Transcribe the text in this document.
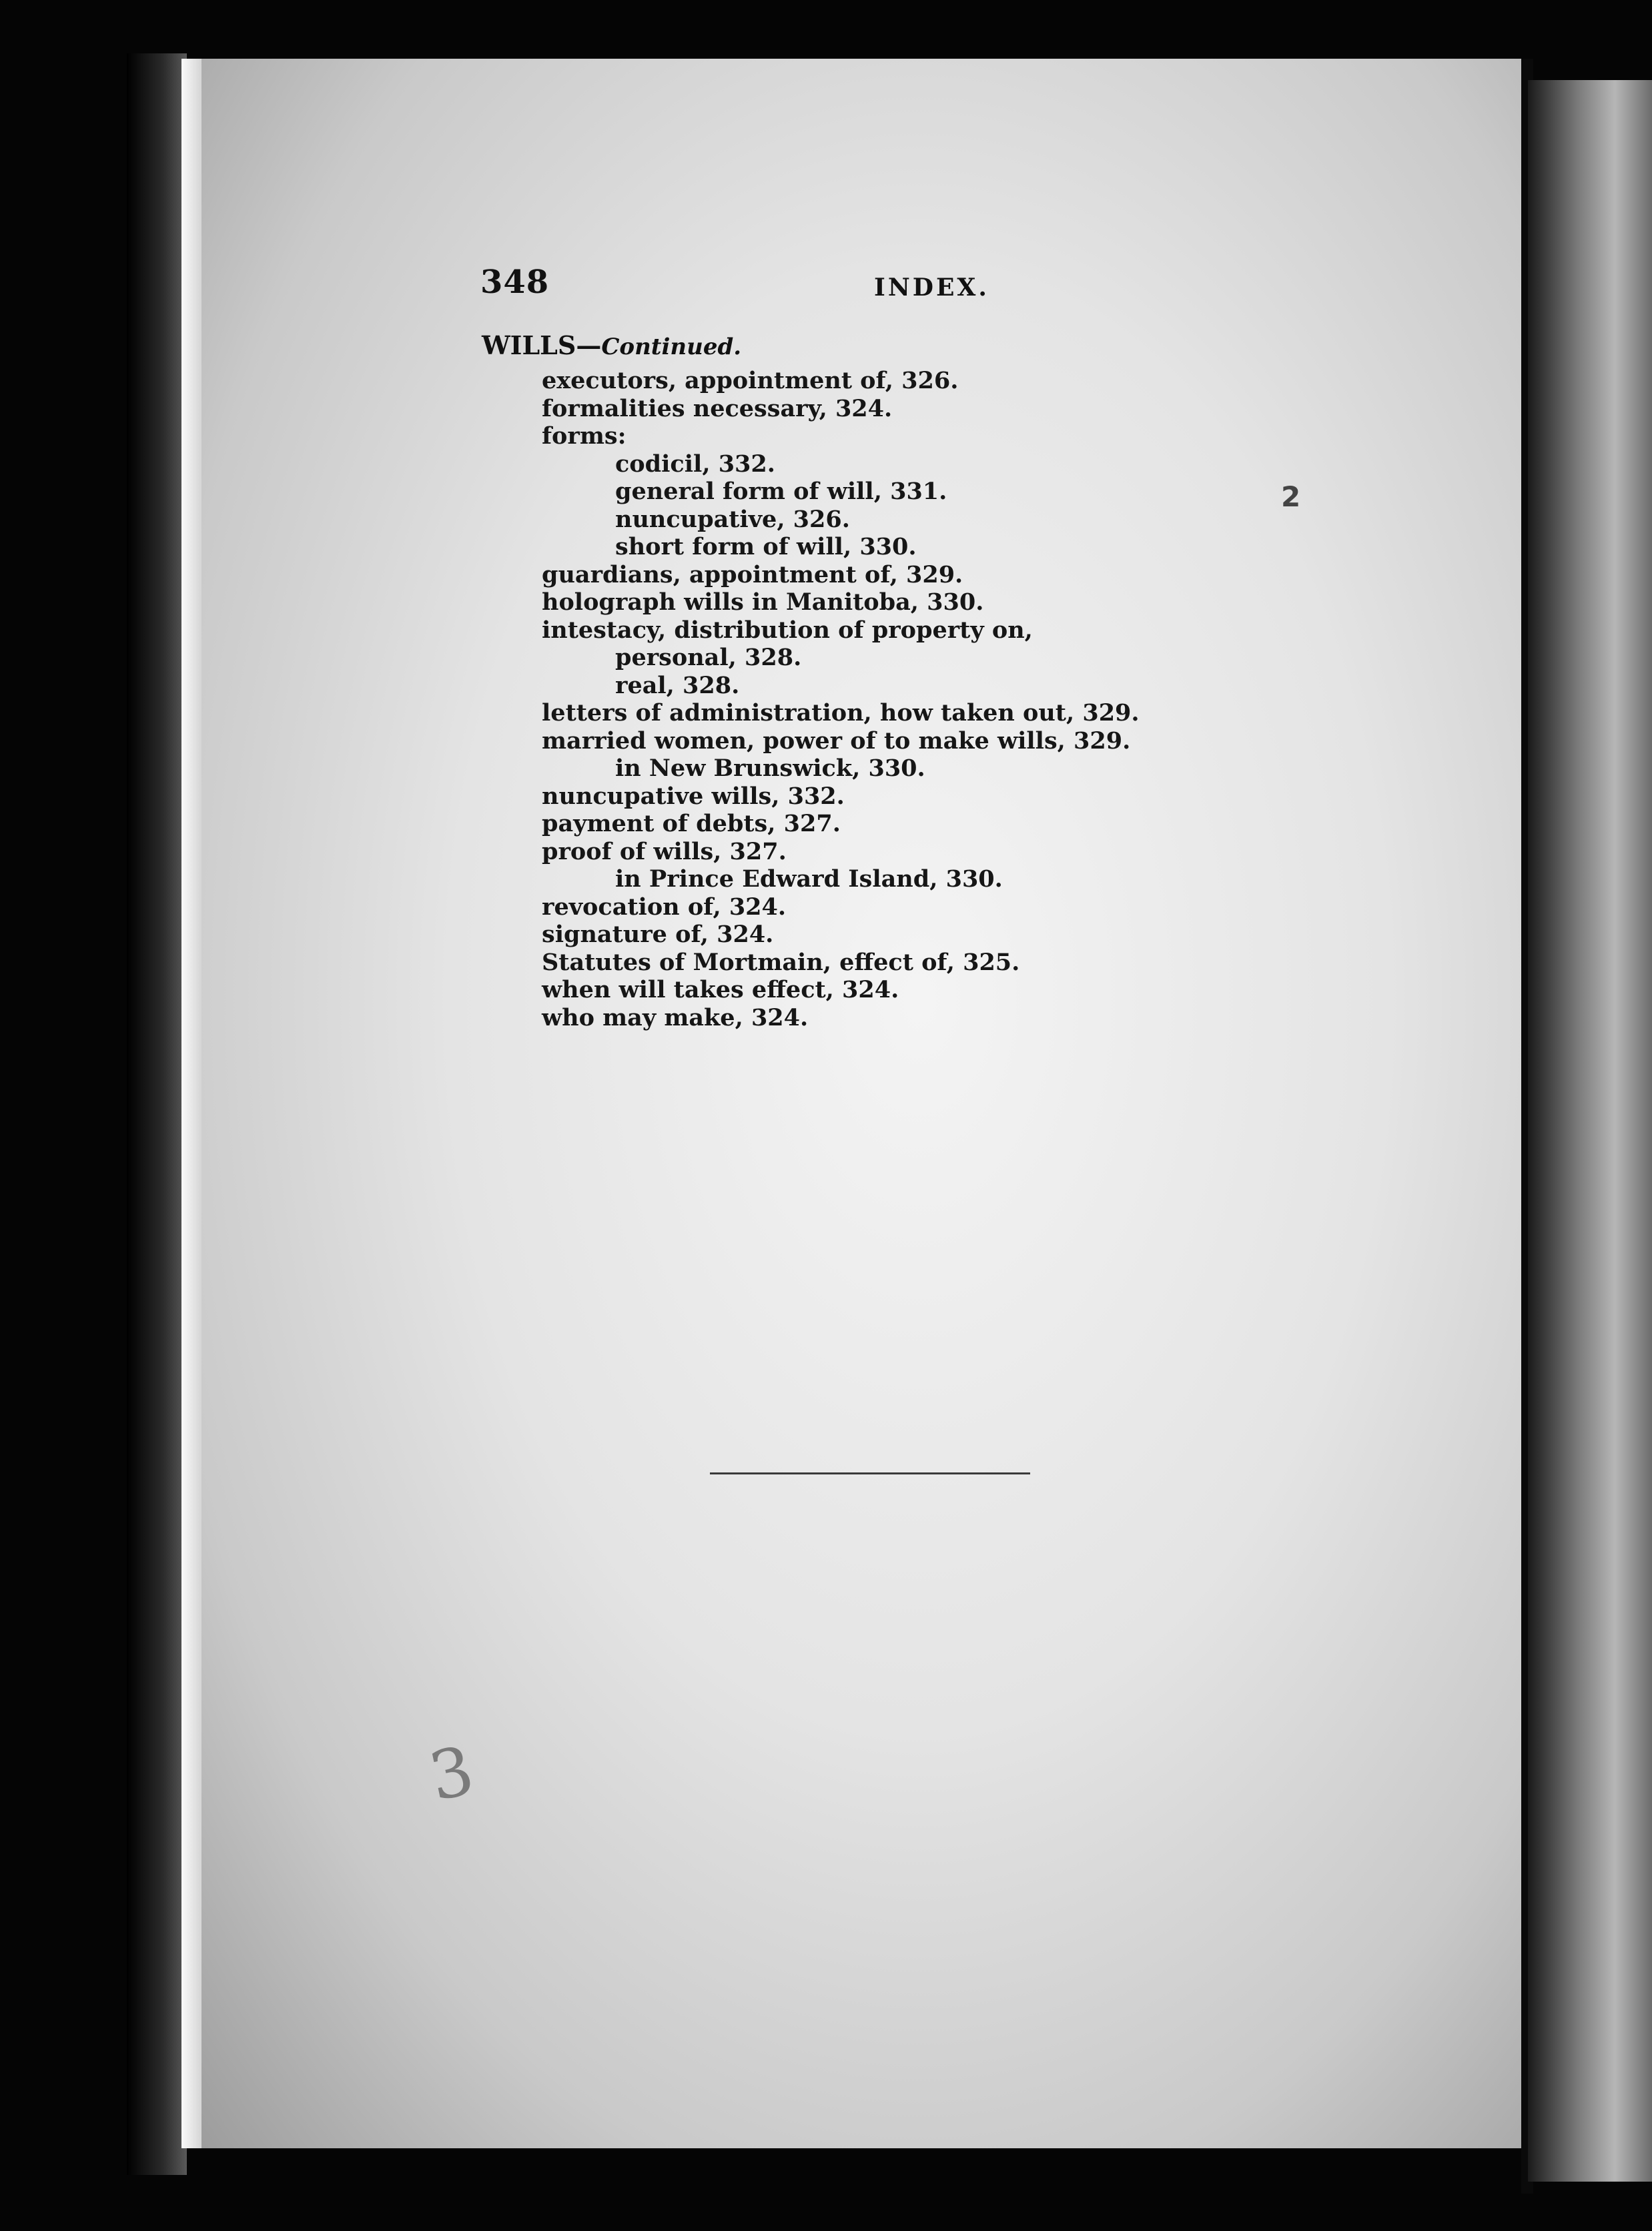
348	INDEX.
WILLS—Continued.
executors, appointment of, 326.
formalities necessary, 324.
forms:
codicil, 332.
general form of will, 331.
nuncupative, 326.
short form of will, 330.
guardians, appointment of, 329.
holograph wills in Manitoba, 330.
intestacy, distribution of property on,
personal, 328.
real, 328.
letters of administration, how taken out, 329.
married women, power of to make wills, 329.
in New Brunswick, 330.
nuncupative wills, 332.
payment of debts, 327.
proof of wills, 327.
in Prince Edward Island, 330.
revocation of, 324.
signature of, 324.
Statutes of Mortmain, effect of, 325.
when will takes effect, 324.
who may make, 324.
2
3
